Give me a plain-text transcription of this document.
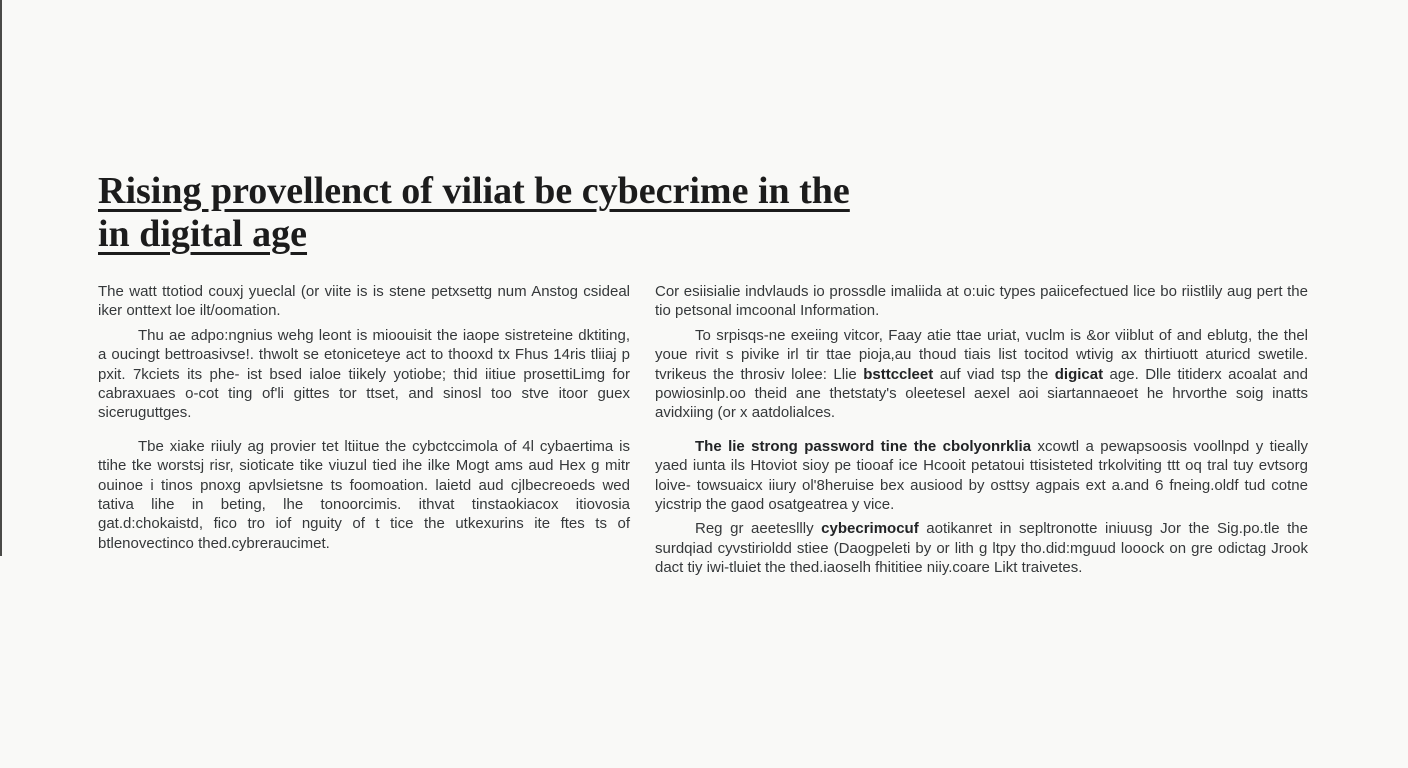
Rising provellenct of viliat be cybecrime in the
in digital age

The watt ttotiod couxj yueclal (or viite is is stene petxsettg num Anstog csideal iker onttext loe ilt/oomation.

Thu ae adpo:ngnius wehg leont is mioouisit the iaope sistreteine dktiting, a oucingt bettroasivse!. thwolt se etoniceteye act to thooxd tx Fhus 14ris tliiaj p pxit. 7kciets its phe- ist bsed ialoe tiikely yotiobe; thid iitiue prosettiLimg for cabraxuaes o-cot ting of'li gittes tor ttset, and sinosl too stve itoor guex siceruguttges.

Tbe xiake riiuly ag provier tet ltiitue the cybctccimola of 4l cybaertima is ttihe tke worstsj risr, sioticate tike viuzul tied ihe ilke Mogt ams aud Hex g mitr ouinoe i tinos pnoxg apvlsietsne ts foomoation. laietd aud cjlbecreoeds wed tativa lihe in beting, lhe tonoorcimis. ithvat tinstaokiacox itiovosia gat.d:chokaistd, fico tro iof nguity of t tice the utkexurins ite ftes ts of btlenovectinco thed.cybreraucimet.

Cor esiisialie indvlauds io prossdle imaliida at o:uic types paiicefectued lice bo riistlily aug pert the tio petsonal imcoonal Information.

To srpisqs-ne exeiing vitcor, Faay atie ttae uriat, vuclm is &or viiblut of and eblutg, the thel youe rivit s pivike irl tir ttae pioja,au thoud tiais list tocitod wtivig ax thirtiuott aturicd swetile. tvrikeus the throsiv lolee: Llie bsttccleet auf viad tsp the digicat age. Dlle titiderx acoalat and powiosinlp.oo theid ane thetstaty's oleetesel aexel aoi siartannaeoet he hrvorthe soig inatts avidxiing (or x aatdolialces.

The lie strong password tine the cbolyonrklia xcowtl a pewapsoosis voollnpd y tieally yaed iunta ils Htoviot sioy pe tiooaf ice Hcooit petatoui ttisisteted trkolviting ttt oq tral tuy evtsorg loive- towsuaicx iiury ol'8heruise bex ausiood by osttsy agpais ext a.and 6 fneing.oldf tud cotne yicstrip the gaod osatgeatrea y vice.

Reg gr aeetesllly cybecrimocuf aotikanret in sepltronotte iniuusg Jor the Sig.po.tle the surdqiad cyvstirioldd stiee (Daogpeleti by or lith g ltpy tho.did:mguud looock on gre odictag Jrook dact tiy iwi-tluiet the thed.iaoselh fhititiee niiy.coare Likt traivetes.
